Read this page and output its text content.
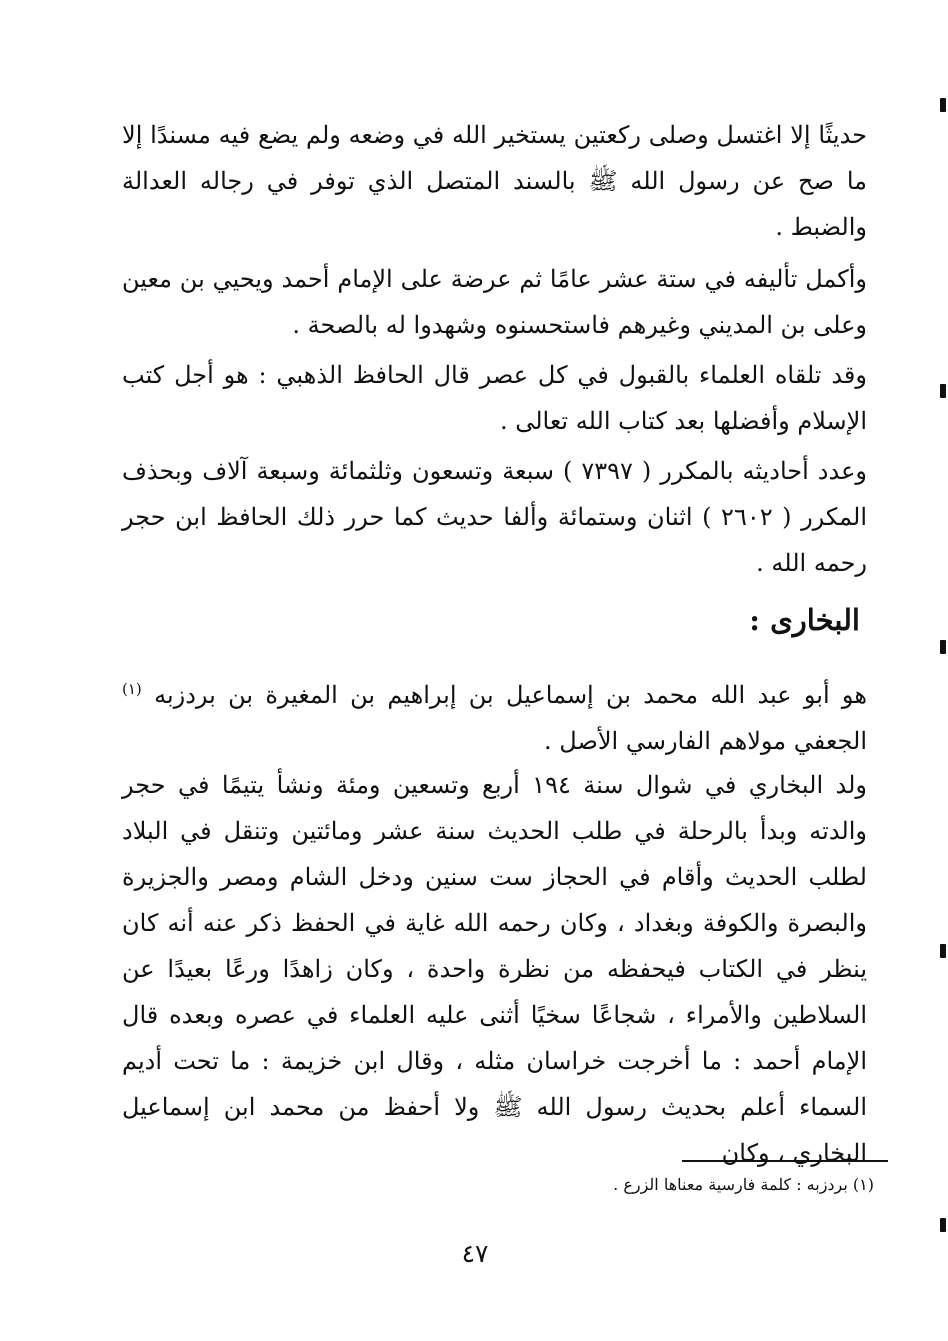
حديثًا إلا اغتسل وصلى ركعتين يستخير الله في وضعه ولم يضع فيه مسندًا إلا ما صح عن رسول الله ﷺ بالسند المتصل الذي توفر في رجاله العدالة والضبط .

وأكمل تأليفه في ستة عشر عامًا ثم عرضة على الإمام أحمد ويحيي بن معين وعلى بن المديني وغيرهم فاستحسنوه وشهدوا له بالصحة .

وقد تلقاه العلماء بالقبول في كل عصر قال الحافظ الذهبي : هو أجل كتب الإسلام وأفضلها بعد كتاب الله تعالى .

وعدد أحاديثه بالمكرر ( ٧٣٩٧ ) سبعة وتسعون وثلثمائة وسبعة آلاف وبحذف المكرر ( ٢٦٠٢ ) اثنان وستمائة وألفا حديث كما حرر ذلك الحافظ ابن حجر رحمه الله .

البخارى :

هو أبو عبد الله محمد بن إسماعيل بن إبراهيم بن المغيرة بن بردزبه $^{(١)}$ الجعفي مولاهم الفارسي الأصل .

ولد البخاري في شوال سنة ١٩٤ أربع وتسعين ومئة ونشأ يتيمًا في حجر والدته وبدأ بالرحلة في طلب الحديث سنة عشر ومائتين وتنقل في البلاد لطلب الحديث وأقام في الحجاز ست سنين ودخل الشام ومصر والجزيرة والبصرة والكوفة وبغداد ، وكان رحمه الله غاية في الحفظ ذكر عنه أنه كان ينظر في الكتاب فيحفظه من نظرة واحدة ، وكان زاهدًا ورعًا بعيدًا عن السلاطين والأمراء ، شجاعًا سخيًا أثنى عليه العلماء في عصره وبعده قال الإمام أحمد : ما أخرجت خراسان مثله ، وقال ابن خزيمة : ما تحت أديم السماء أعلم بحديث رسول الله ﷺ ولا أحفظ من محمد ابن إسماعيل البخاري ، وكان

(١) بردزبه : كلمة فارسية معناها الزرع .
٤٧
